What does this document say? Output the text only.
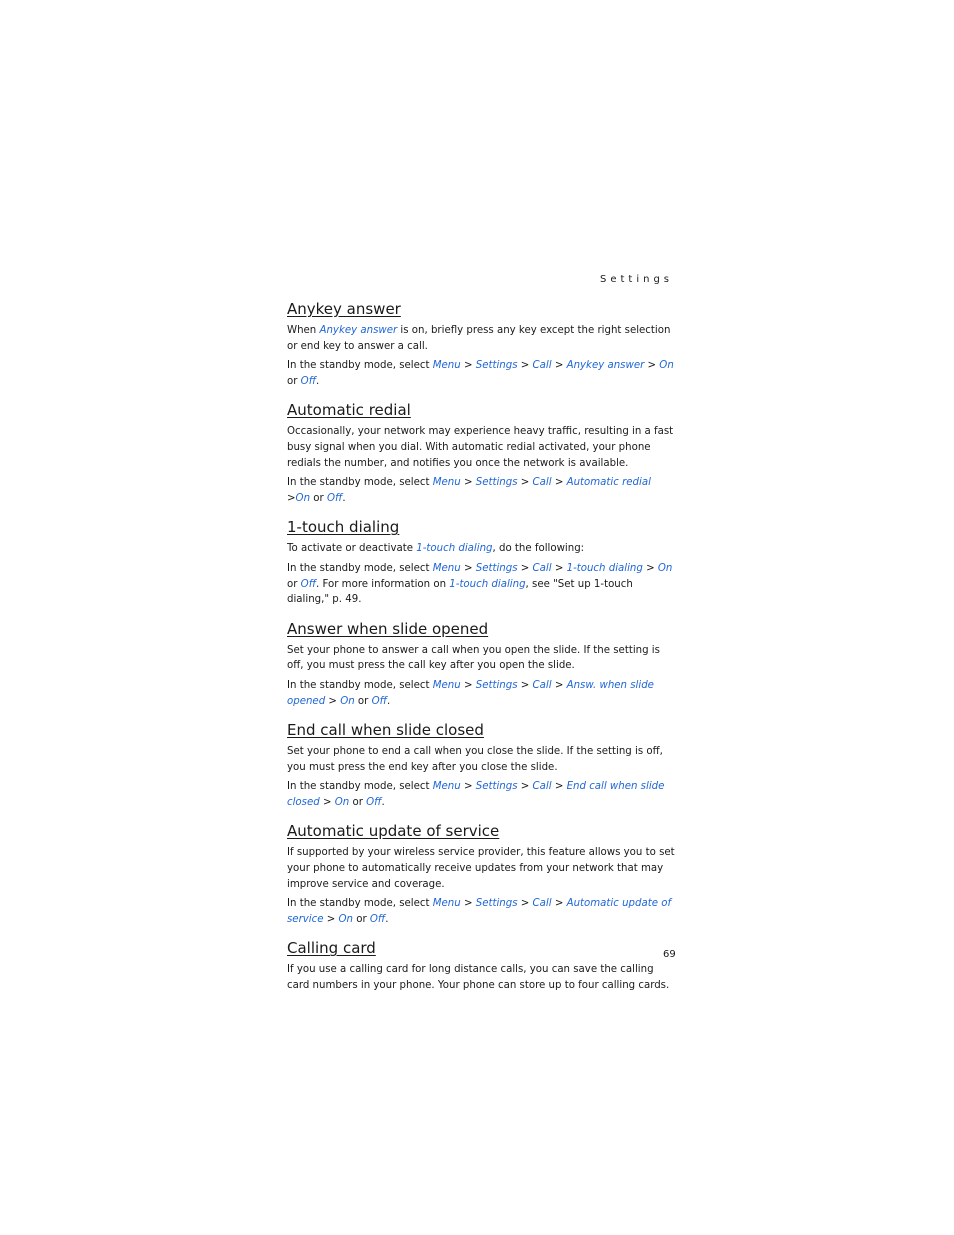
Settings
Anykey answer

When Anykey answer is on, briefly press any key except the right selection or end key to answer a call.

In the standby mode, select Menu > Settings > Call > Anykey answer > On or Off.

Automatic redial

Occasionally, your network may experience heavy traffic, resulting in a fast busy signal when you dial. With automatic redial activated, your phone redials the number, and notifies you once the network is available.

In the standby mode, select Menu > Settings > Call > Automatic redial >On or Off.

1-touch dialing

To activate or deactivate 1-touch dialing, do the following:

In the standby mode, select Menu > Settings > Call > 1-touch dialing > On or Off. For more information on 1-touch dialing, see "Set up 1-touch dialing," p. 49.

Answer when slide opened

Set your phone to answer a call when you open the slide. If the setting is off, you must press the call key after you open the slide.

In the standby mode, select Menu > Settings > Call > Answ. when slide opened > On or Off.

End call when slide closed

Set your phone to end a call when you close the slide. If the setting is off, you must press the end key after you close the slide.

In the standby mode, select Menu > Settings > Call > End call when slide closed > On or Off.

Automatic update of service

If supported by your wireless service provider, this feature allows you to set your phone to automatically receive updates from your network that may improve service and coverage.

In the standby mode, select Menu > Settings > Call > Automatic update of service > On or Off.

Calling card

If you use a calling card for long distance calls, you can save the calling card numbers in your phone. Your phone can store up to four calling cards.

69
